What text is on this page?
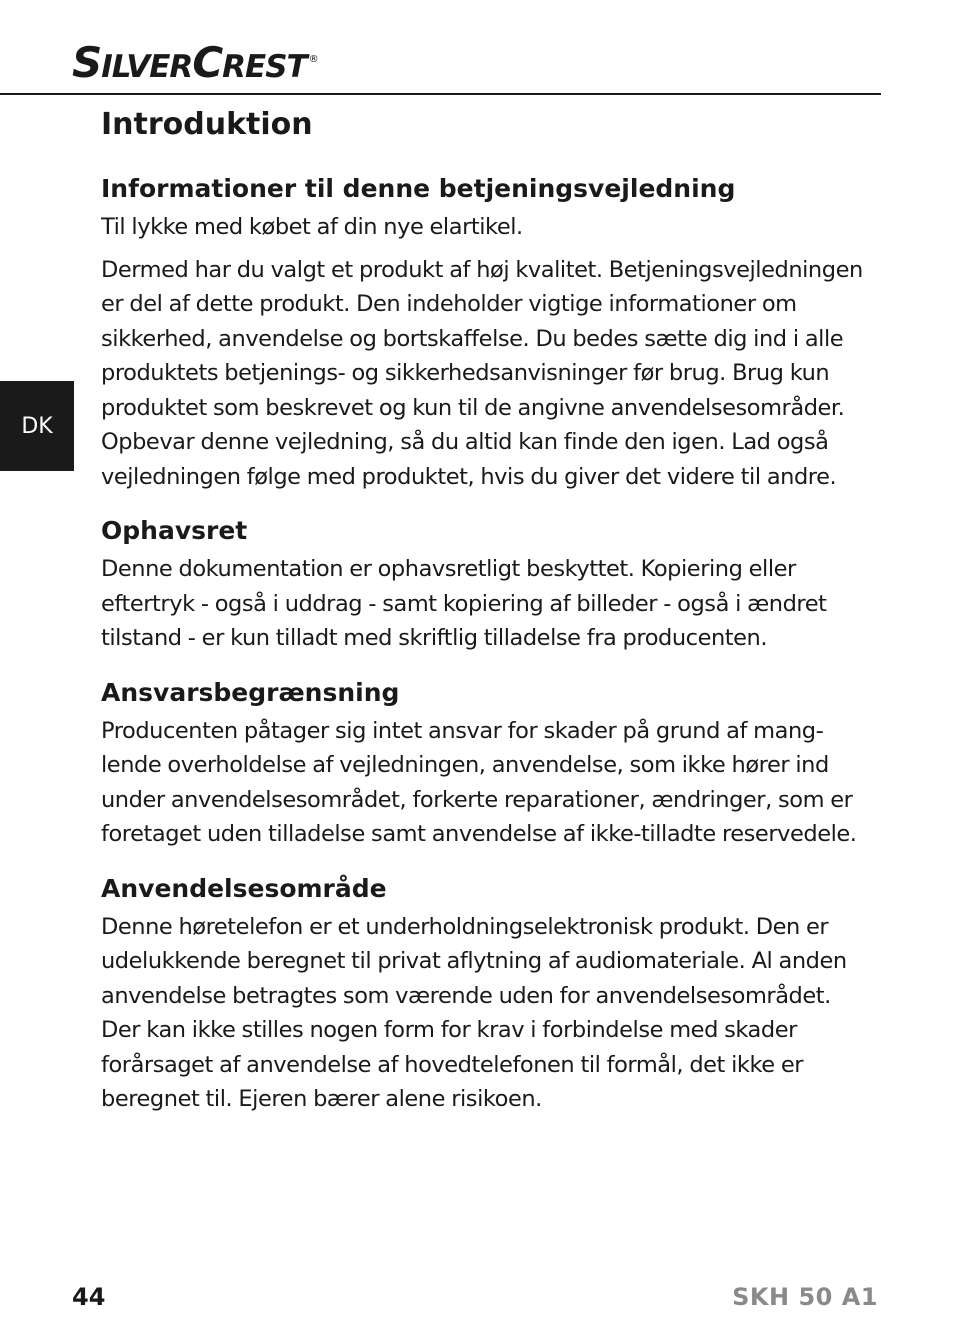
S ILVER C REST ®
DK
Introduktion
Informationer til denne betjeningsvejledning

Til lykke med købet af din nye elartikel.

Dermed har du valgt et produkt af høj kvalitet. Betjeningsvejledningen er del af dette produkt. Den indeholder vigtige informationer om sikkerhed, anvendelse og bortskaffelse. Du bedes sætte dig ind i alle produktets betjenings- og sikkerhedsanvisninger før brug. Brug kun produktet som beskrevet og kun til de angivne anvendelsesområder. Opbevar denne vejledning, så du altid kan finde den igen. Lad også vejledningen følge med produktet, hvis du giver det videre til andre.

Ophavsret

Denne dokumentation er ophavsretligt beskyttet. Kopiering eller eftertryk - også i uddrag - samt kopiering af billeder - også i ændret tilstand - er kun tilladt med skriftlig tilladelse fra producenten.

Ansvarsbegrænsning

Producenten påtager sig intet ansvar for skader på grund af mang-lende overholdelse af vejledningen, anvendelse, som ikke hører ind under anvendelsesområdet, forkerte reparationer, ændringer, som er foretaget uden tilladelse samt anvendelse af ikke-tilladte reservedele.

Anvendelsesområde

Denne høretelefon er et underholdningselektronisk produkt. Den er udelukkende beregnet til privat aflytning af audiomateriale. Al anden anvendelse betragtes som værende uden for anvendelsesområdet. Der kan ikke stilles nogen form for krav i forbindelse med skader forårsaget af anvendelse af hovedtelefonen til formål, det ikke er beregnet til. Ejeren bærer alene risikoen.

44	SKH 50 A1
